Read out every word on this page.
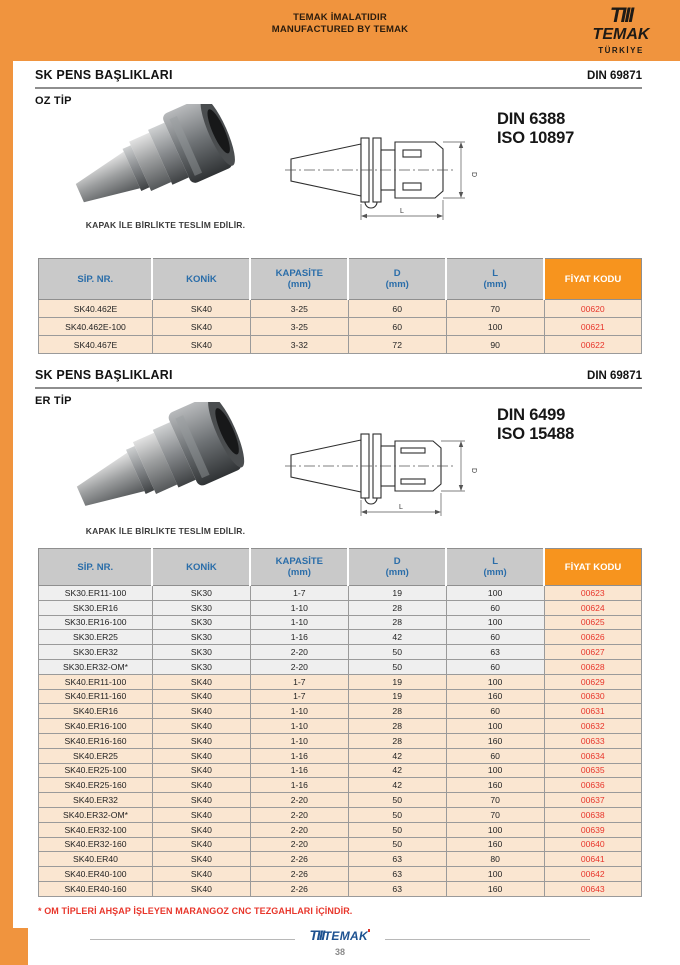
TEMAK İMALATIDIR
MANUFACTURED BY TEMAK
TIII
TEMAK
TÜRKİYE
SK PENS BAŞLIKLARI	DIN 69871
OZ TİP
KAPAK İLE BİRLİKTE TESLİM EDİLİR.
D
L
DIN 6388
ISO 10897
SİP. NR.	KONİK	KAPASİTE
(mm)

D
(mm)

L
(mm)	FİYAT KODU

SK40.462E	SK40	3-25	60	70	00620
SK40.462E-100	SK40	3-25	60	100	00621
SK40.467E	SK40	3-32	72	90	00622
SK PENS BAŞLIKLARI	DIN 69871
ER TİP
KAPAK İLE BİRLİKTE TESLİM EDİLİR.
D
L
DIN 6499
ISO 15488
SİP. NR.	KONİK	KAPASİTE
(mm)

D
(mm)

L
(mm)	FİYAT KODU

SK30.ER11-100	SK30	1-7	19	100	00623
SK30.ER16	SK30	1-10	28	60	00624
SK30.ER16-100	SK30	1-10	28	100	00625
SK30.ER25	SK30	1-16	42	60	00626
SK30.ER32	SK30	2-20	50	63	00627
SK30.ER32-OM*	SK30	2-20	50	60	00628
SK40.ER11-100	SK40	1-7	19	100	00629
SK40.ER11-160	SK40	1-7	19	160	00630
SK40.ER16	SK40	1-10	28	60	00631
SK40.ER16-100	SK40	1-10	28	100	00632
SK40.ER16-160	SK40	1-10	28	160	00633
SK40.ER25	SK40	1-16	42	60	00634
SK40.ER25-100	SK40	1-16	42	100	00635
SK40.ER25-160	SK40	1-16	42	160	00636
SK40.ER32	SK40	2-20	50	70	00637
SK40.ER32-OM*	SK40	2-20	50	70	00638
SK40.ER32-100	SK40	2-20	50	100	00639
SK40.ER32-160	SK40	2-20	50	160	00640
SK40.ER40	SK40	2-26	63	80	00641
SK40.ER40-100	SK40	2-26	63	100	00642
SK40.ER40-160	SK40	2-26	63	160	00643
* OM TİPLERİ AHŞAP İŞLEYEN MARANGOZ CNC TEZGAHLARI İÇİNDİR.
TIIITEMAK
38
